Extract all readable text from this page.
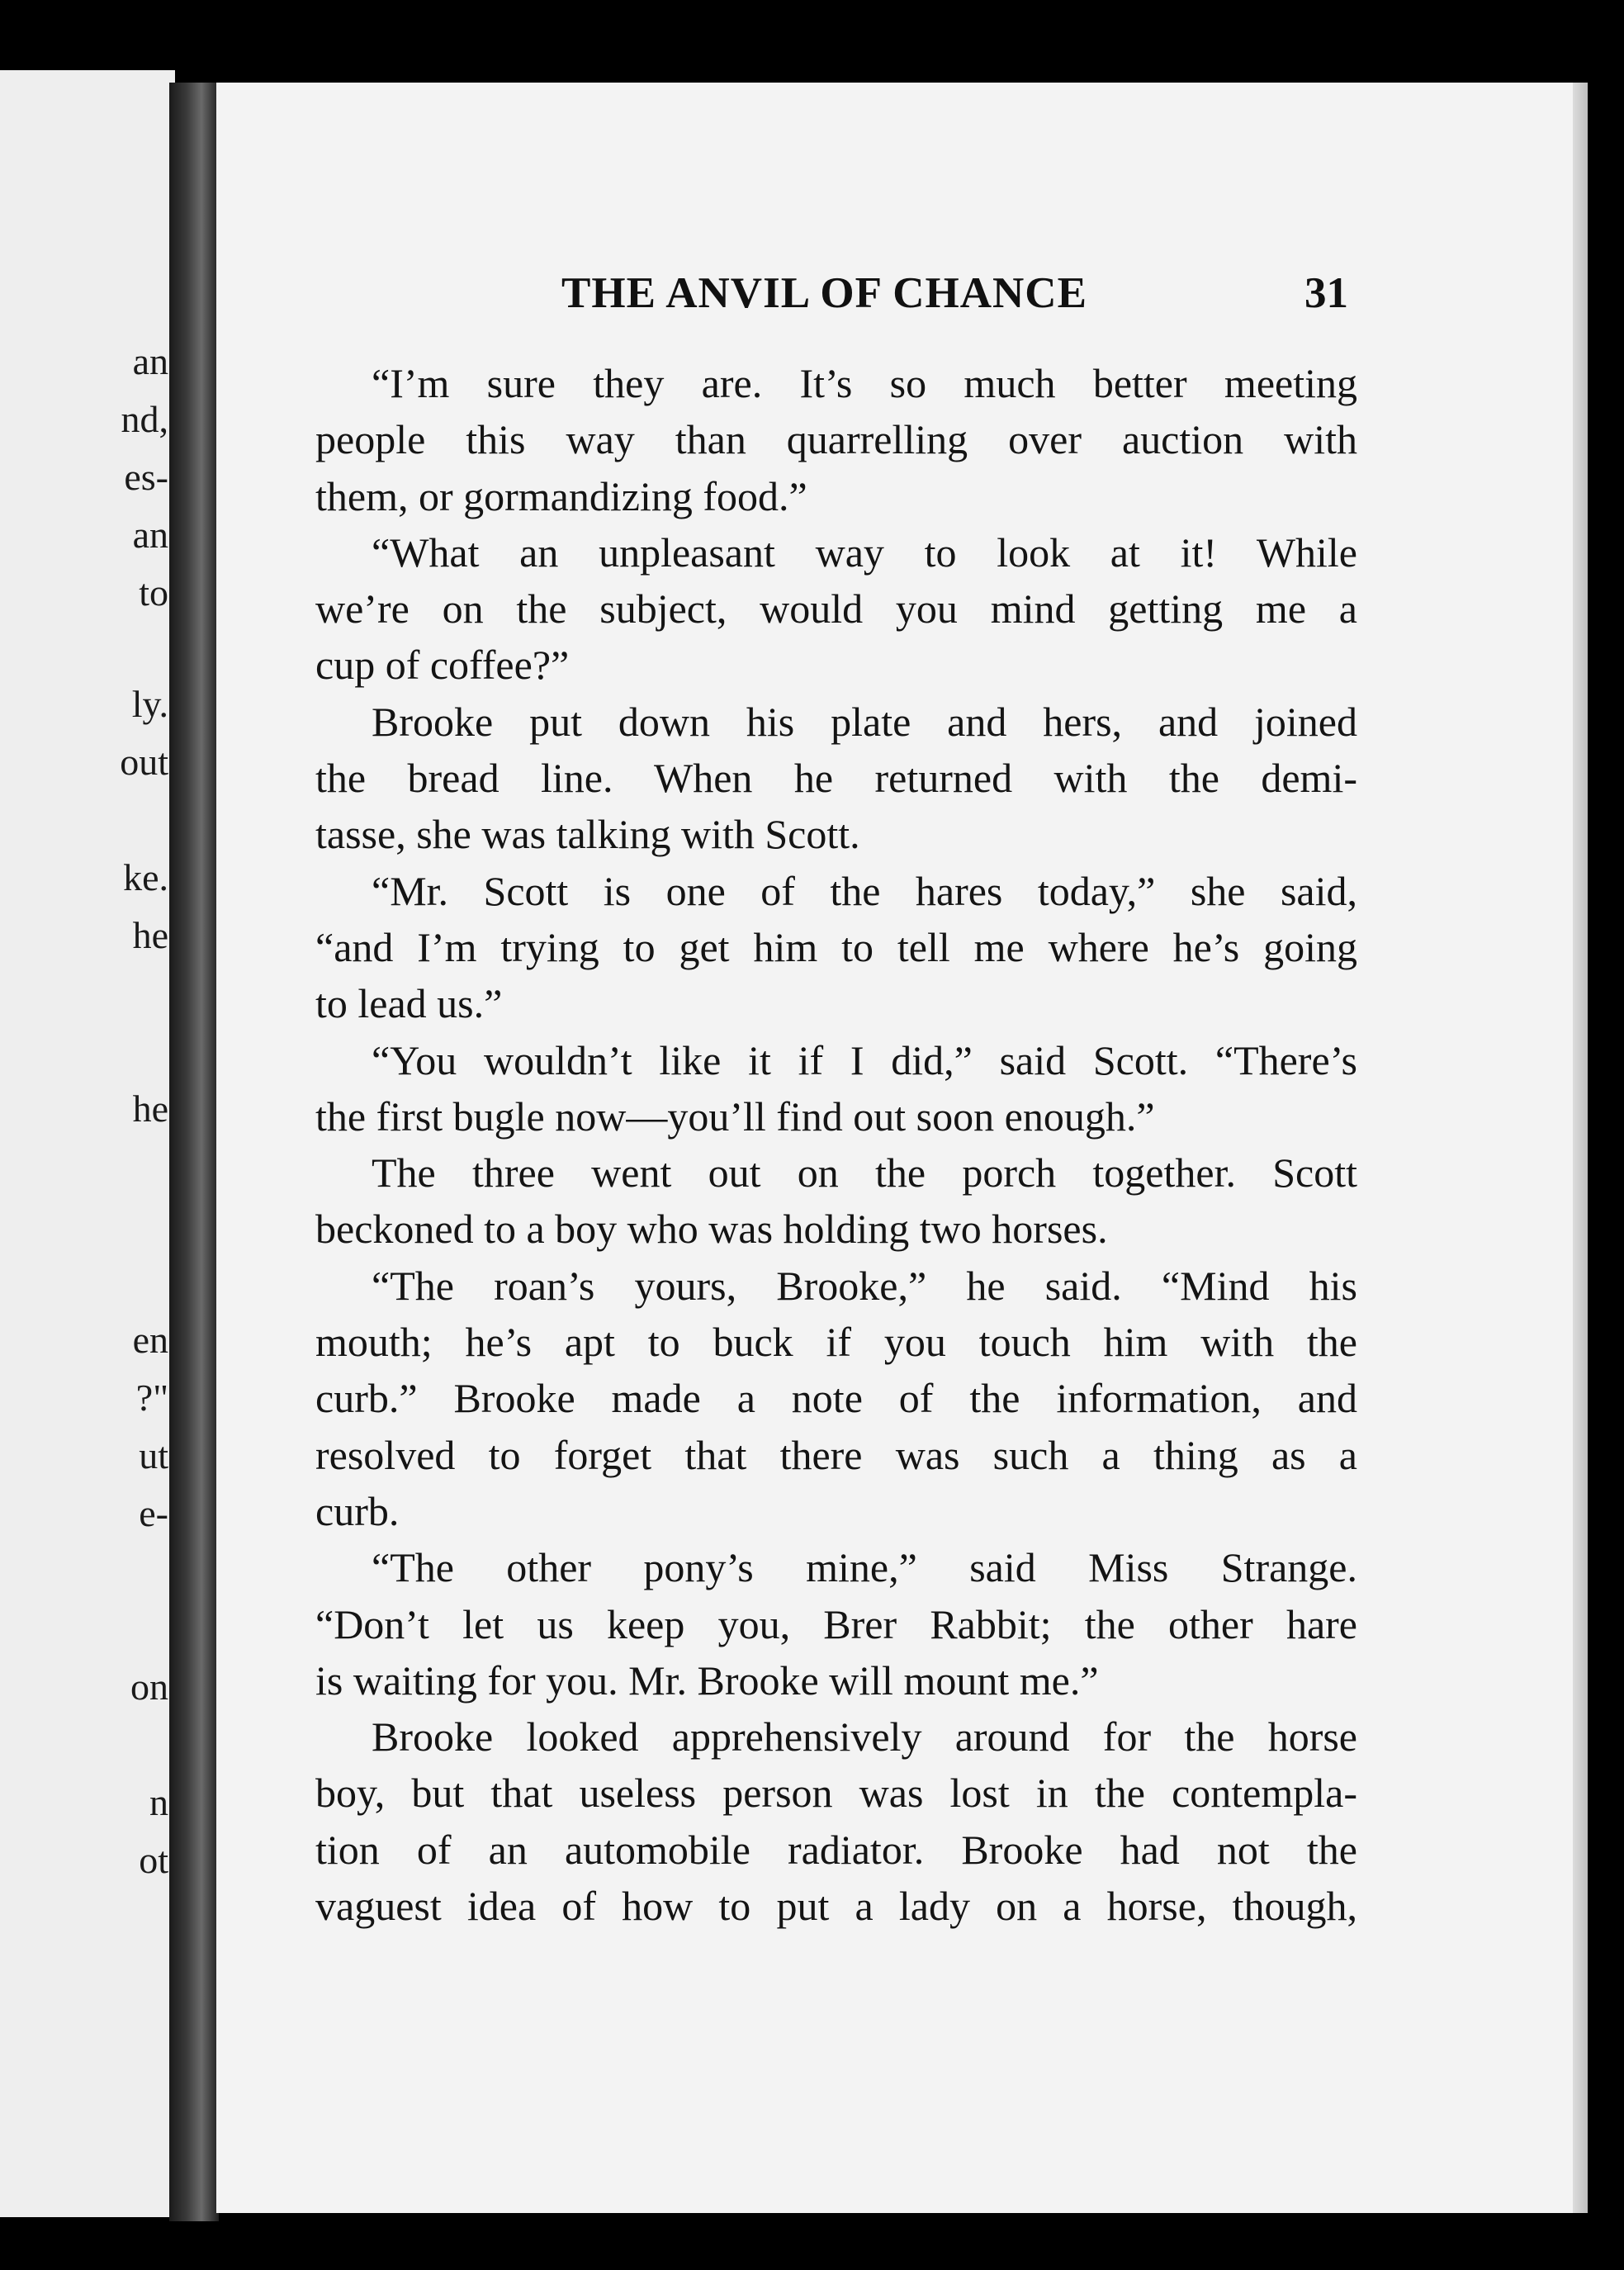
an
nd,
es-
an
to
ly.
out
ke.
he
he
en
?"
ut
e-
on
n
ot
THE ANVIL OF CHANCE	31
“I’m sure they are. It’s so much better meeting
people this way than quarrelling over auction with
them, or gormandizing food.”
“What an unpleasant way to look at it! While
we’re on the subject, would you mind getting me a
cup of coffee?”
Brooke put down his plate and hers, and joined
the bread line. When he returned with the demi-
tasse, she was talking with Scott.
“Mr. Scott is one of the hares today,” she said,
“and I’m trying to get him to tell me where he’s going
to lead us.”
“You wouldn’t like it if I did,” said Scott. “There’s
the first bugle now—you’ll find out soon enough.”
The three went out on the porch together. Scott
beckoned to a boy who was holding two horses.
“The roan’s yours, Brooke,” he said. “Mind his
mouth; he’s apt to buck if you touch him with the
curb.” Brooke made a note of the information, and
resolved to forget that there was such a thing as a
curb.
“The other pony’s mine,” said Miss Strange.
“Don’t let us keep you, Brer Rabbit; the other hare
is waiting for you. Mr. Brooke will mount me.”
Brooke looked apprehensively around for the horse
boy, but that useless person was lost in the contempla-
tion of an automobile radiator. Brooke had not the
vaguest idea of how to put a lady on a horse, though,
